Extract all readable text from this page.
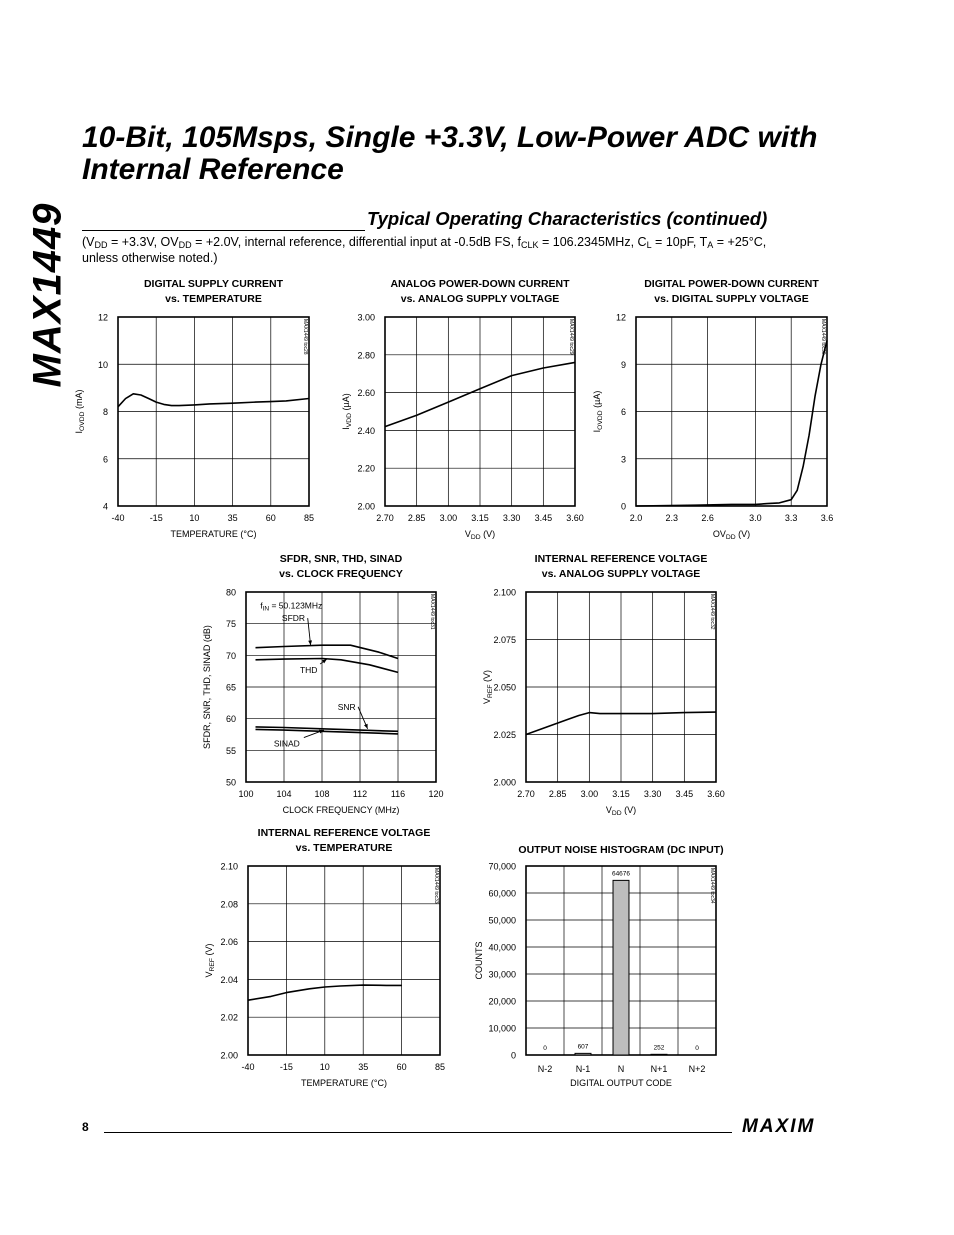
MAX1449
10-Bit, 105Msps, Single +3.3V, Low-Power ADC with Internal Reference
Typical Operating Characteristics (continued)
($V_{DD} = +3.3V$, $OV_{DD} = +2.0V$, internal reference, differential input at -0.5dB FS, $f_{CLK} = 106.2345MHz$, $C_L = 10pF$, $T_A = +25^\circ C$,
unless otherwise noted.)
DIGITAL SUPPLY CURRENT
vs. TEMPERATURE
4
6
8
10
12
-40	-15	10	35	60	85
TEMPERATURE (°C)
$I_{OVDD}$ (mA)
MAX1449 toc28
ANALOG POWER-DOWN CURRENT
vs. ANALOG SUPPLY VOLTAGE
2.00
2.20
2.40
2.60
2.80
3.00
2.70 2.85 3.00 3.15 3.30 3.45 3.60
$V_{DD}$ (V)
$I_{VDD}$ (µA)
MAX1449 toc29
DIGITAL POWER-DOWN CURRENT
vs. DIGITAL SUPPLY VOLTAGE
0
3
6
9
12
2.0	2.3	2.6	3.0	3.3	3.6
$OV_{DD}$ (V)
$I_{OVDD}$ (µA)
MAX1449 toc30
SFDR, SNR, THD, SINAD
vs. CLOCK FREQUENCY
50
55
60
65
70
75
80
100	104	108	112	116	120
CLOCK FREQUENCY (MHz)
SFDR, SNR, THD, SINAD (dB)
MAX1449 toc31
$f_{IN} = 50.123MHz$
SFDR
THD
SNR
SINAD
INTERNAL REFERENCE VOLTAGE
vs. ANALOG SUPPLY VOLTAGE
2.000
2.025
2.050
2.075
2.100
2.70 2.85 3.00 3.15 3.30 3.45 3.60
$V_{DD}$ (V)
$V_{REF}$ (V)
MAX1449 toc32
INTERNAL REFERENCE VOLTAGE
vs. TEMPERATURE
2.00
2.02
2.04
2.06
2.08
2.10
-40	-15	10	35	60	85
TEMPERATURE (°C)
$V_{REF}$ (V)
MAX1449 toc33
OUTPUT NOISE HISTOGRAM (DC INPUT)
0
10,000
20,000
30,000
40,000
50,000
60,000
70,000
N-2	N-1	N	N+1 N+2
DIGITAL OUTPUT CODE
COUNTS
MAX1449 toc34
0	607
64676
252	0
8	MAXIM
